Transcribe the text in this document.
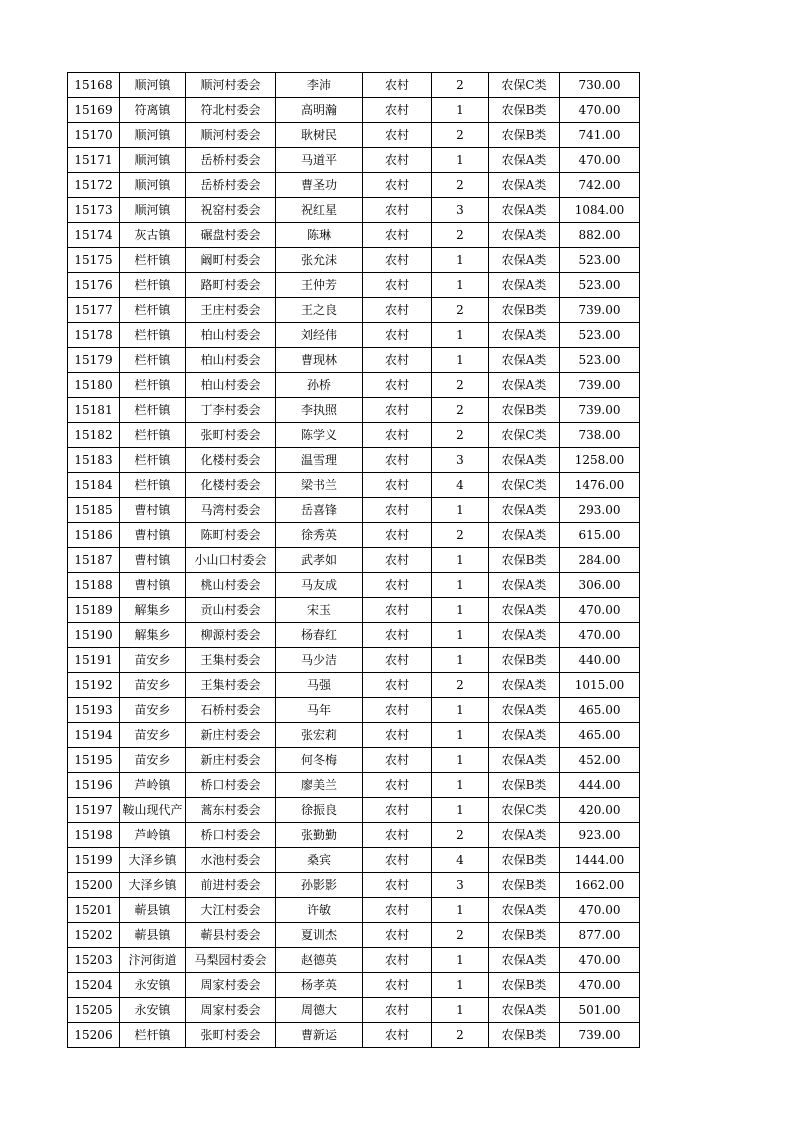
15168	顺河镇	顺河村委会	李沛	农村	2	农保C类	730.00
15169	符离镇	符北村委会	高明瀚	农村	1	农保B类	470.00
15170	顺河镇	顺河村委会	耿树民	农村	2	农保B类	741.00
15171	顺河镇	岳桥村委会	马道平	农村	1	农保A类	470.00
15172	顺河镇	岳桥村委会	曹圣功	农村	2	农保A类	742.00
15173	顺河镇	祝窑村委会	祝红星	农村	3	农保A类	1084.00
15174	灰古镇	碾盘村委会	陈琳	农村	2	农保A类	882.00
15175	栏杆镇	阚町村委会	张允沫	农村	1	农保A类	523.00
15176	栏杆镇	路町村委会	王仲芳	农村	1	农保A类	523.00
15177	栏杆镇	王庄村委会	王之良	农村	2	农保B类	739.00
15178	栏杆镇	柏山村委会	刘经伟	农村	1	农保A类	523.00
15179	栏杆镇	柏山村委会	曹现林	农村	1	农保A类	523.00
15180	栏杆镇	柏山村委会	孙桥	农村	2	农保A类	739.00
15181	栏杆镇	丁李村委会	李执照	农村	2	农保B类	739.00
15182	栏杆镇	张町村委会	陈学义	农村	2	农保C类	738.00
15183	栏杆镇	化楼村委会	温雪理	农村	3	农保A类	1258.00
15184	栏杆镇	化楼村委会	梁书兰	农村	4	农保C类	1476.00
15185	曹村镇	马湾村委会	岳喜锋	农村	1	农保A类	293.00
15186	曹村镇	陈町村委会	徐秀英	农村	2	农保A类	615.00
15187	曹村镇	小山口村委会	武孝如	农村	1	农保B类	284.00
15188	曹村镇	桃山村委会	马友成	农村	1	农保A类	306.00
15189	解集乡	贡山村委会	宋玉	农村	1	农保A类	470.00
15190	解集乡	柳源村委会	杨春红	农村	1	农保A类	470.00
15191	苗安乡	王集村委会	马少洁	农村	1	农保B类	440.00
15192	苗安乡	王集村委会	马强	农村	2	农保A类	1015.00
15193	苗安乡	石桥村委会	马年	农村	1	农保A类	465.00
15194	苗安乡	新庄村委会	张宏莉	农村	1	农保A类	465.00
15195	苗安乡	新庄村委会	何冬梅	农村	1	农保A类	452.00
15196	芦岭镇	桥口村委会	廖美兰	农村	1	农保B类	444.00
15197	鞍山现代产	蒿东村委会	徐振良	农村	1	农保C类	420.00
15198	芦岭镇	桥口村委会	张勤勤	农村	2	农保A类	923.00
15199	大泽乡镇	水池村委会	桑宾	农村	4	农保B类	1444.00
15200	大泽乡镇	前进村委会	孙影影	农村	3	农保B类	1662.00
15201	蕲县镇	大江村委会	许敏	农村	1	农保A类	470.00
15202	蕲县镇	蕲县村委会	夏训杰	农村	2	农保B类	877.00
15203	汴河街道	马梨园村委会	赵德英	农村	1	农保A类	470.00
15204	永安镇	周家村委会	杨孝英	农村	1	农保B类	470.00
15205	永安镇	周家村委会	周德大	农村	1	农保A类	501.00
15206	栏杆镇	张町村委会	曹新运	农村	2	农保B类	739.00
